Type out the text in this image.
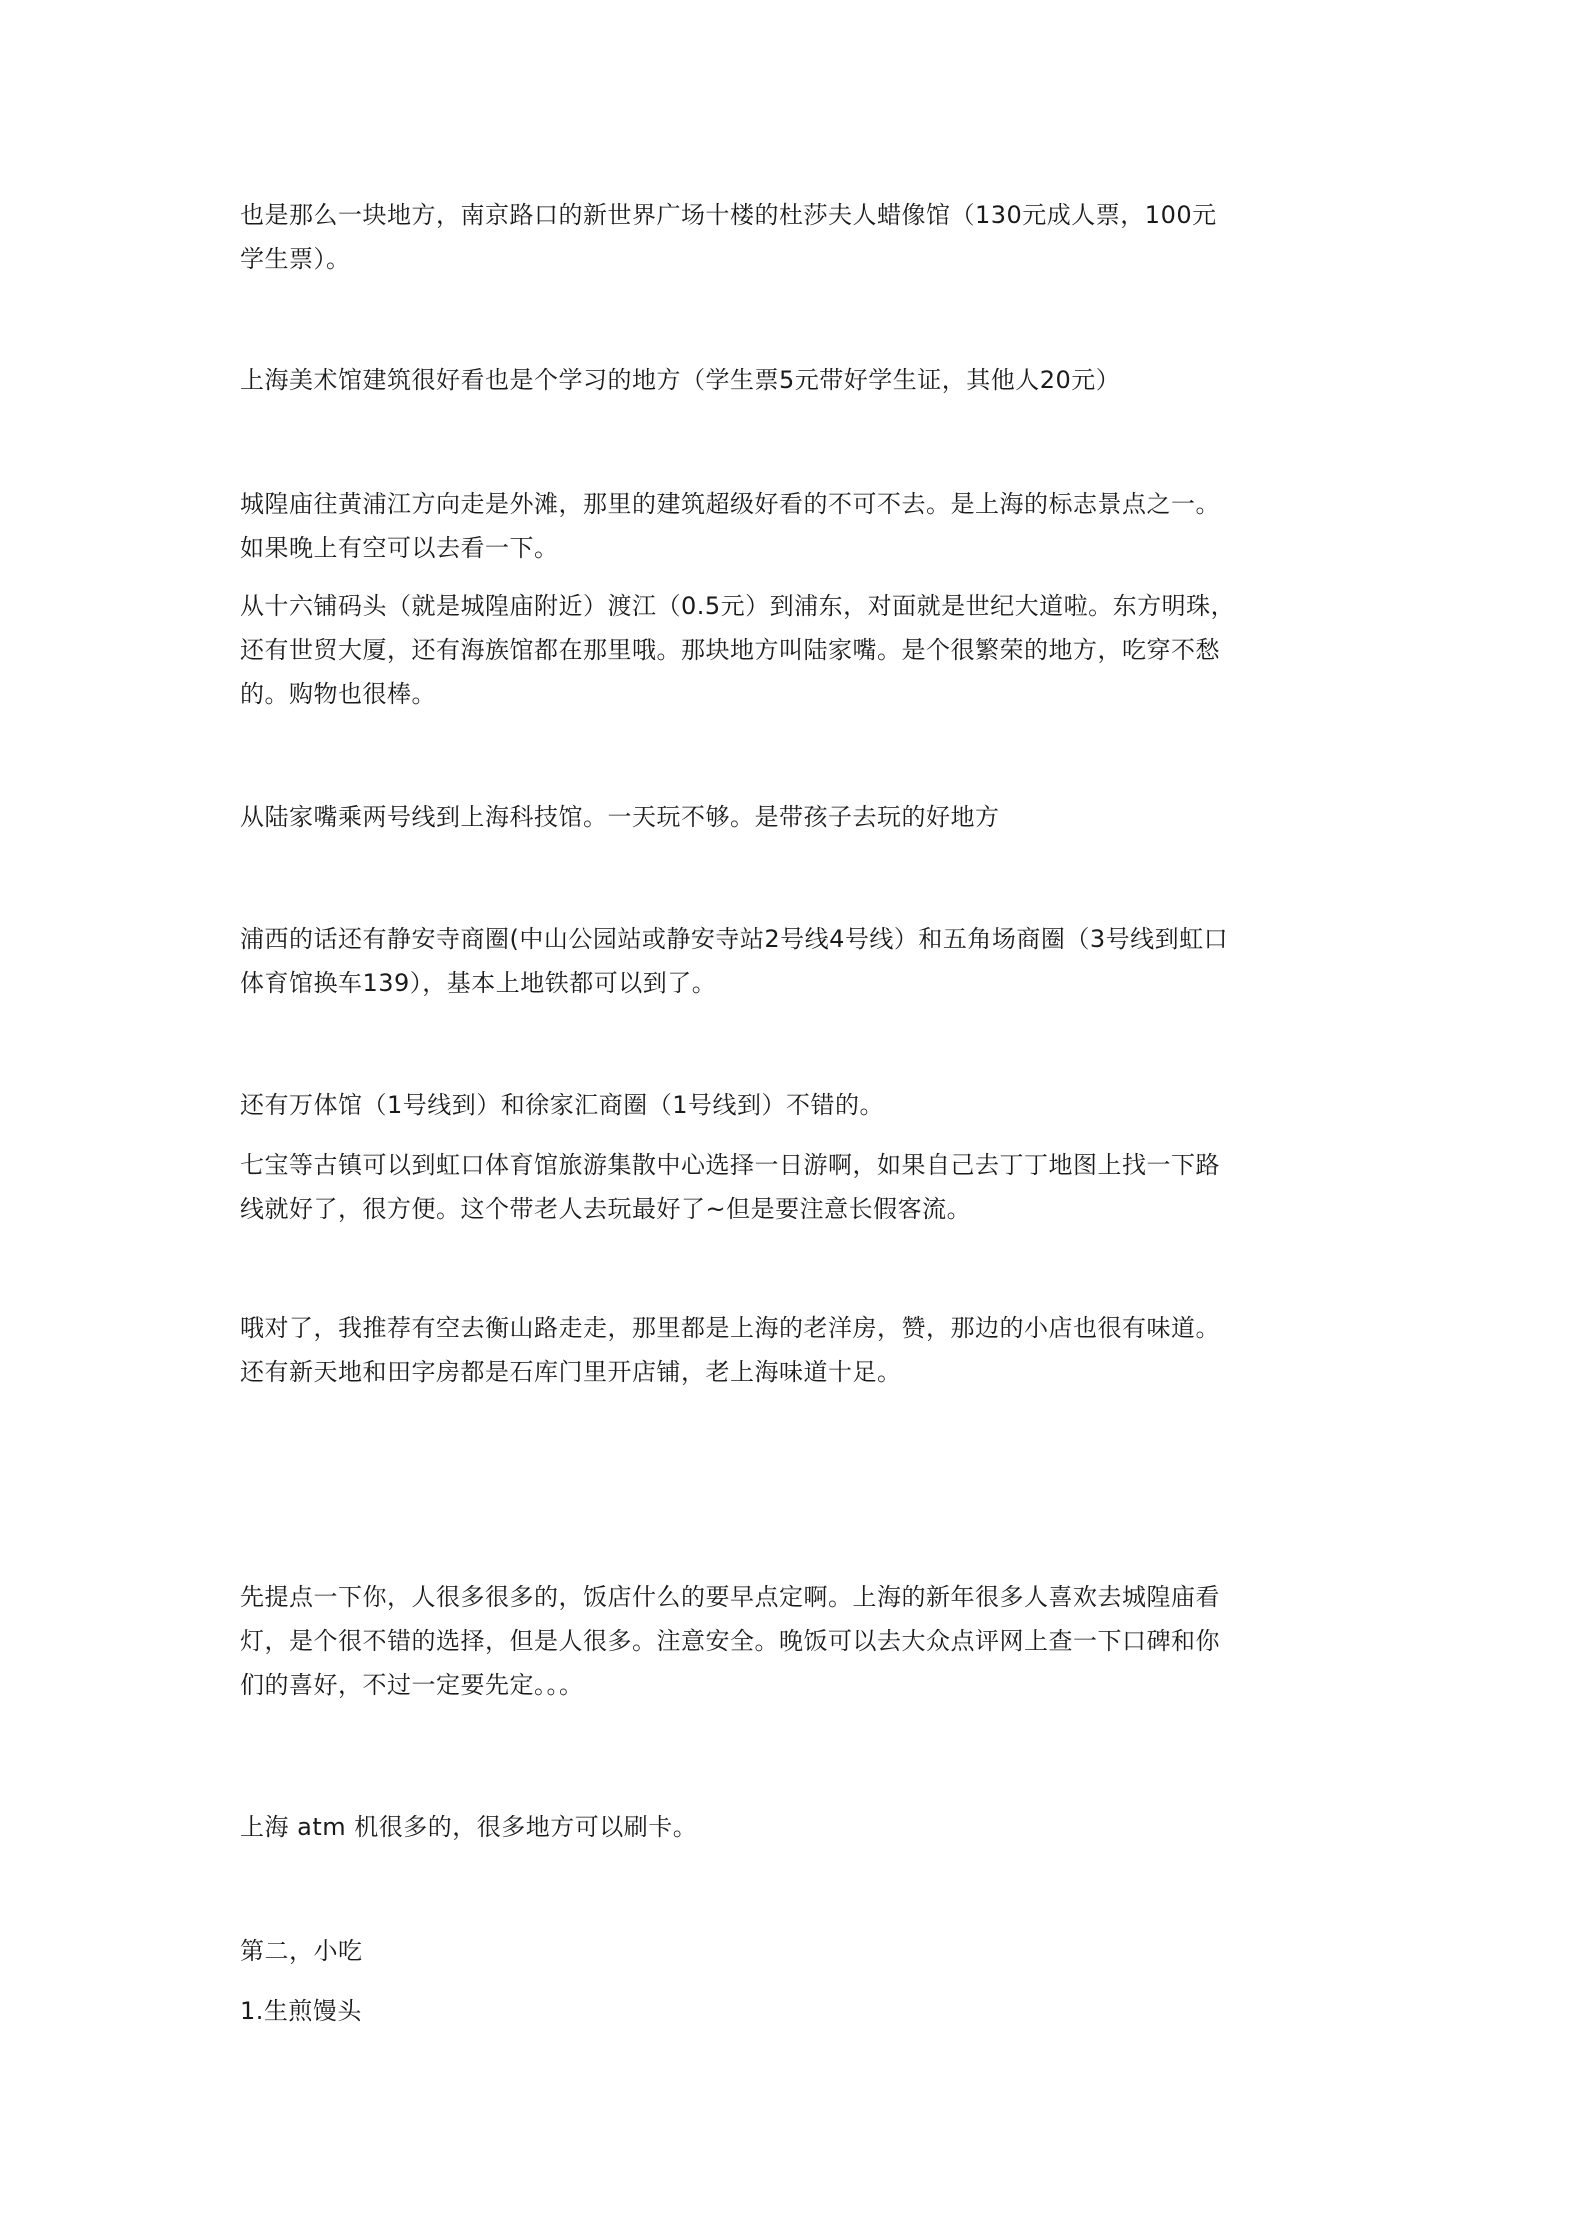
也是那么一块地方，南京路口的新世界广场十楼的杜莎夫人蜡像馆（130元成人票，100元
学生票）。

上海美术馆建筑很好看也是个学习的地方（学生票5元带好学生证，其他人20元）

城隍庙往黄浦江方向走是外滩，那里的建筑超级好看的不可不去。是上海的标志景点之一。
如果晚上有空可以去看一下。

从十六铺码头（就是城隍庙附近）渡江（0.5元）到浦东，对面就是世纪大道啦。东方明珠，
还有世贸大厦，还有海族馆都在那里哦。那块地方叫陆家嘴。是个很繁荣的地方，吃穿不愁
的。购物也很棒。

从陆家嘴乘两号线到上海科技馆。一天玩不够。是带孩子去玩的好地方

浦西的话还有静安寺商圈(中山公园站或静安寺站2号线4号线）和五角场商圈（3号线到虹口
体育馆换车139），基本上地铁都可以到了。

还有万体馆（1号线到）和徐家汇商圈（1号线到）不错的。

七宝等古镇可以到虹口体育馆旅游集散中心选择一日游啊，如果自己去丁丁地图上找一下路
线就好了，很方便。这个带老人去玩最好了~但是要注意长假客流。

哦对了，我推荐有空去衡山路走走，那里都是上海的老洋房，赞，那边的小店也很有味道。
还有新天地和田字房都是石库门里开店铺，老上海味道十足。

先提点一下你，人很多很多的，饭店什么的要早点定啊。上海的新年很多人喜欢去城隍庙看
灯，是个很不错的选择，但是人很多。注意安全。晚饭可以去大众点评网上查一下口碑和你
们的喜好，不过一定要先定。。。

上海 atm 机很多的，很多地方可以刷卡。

第二，小吃

1.生煎馒头
